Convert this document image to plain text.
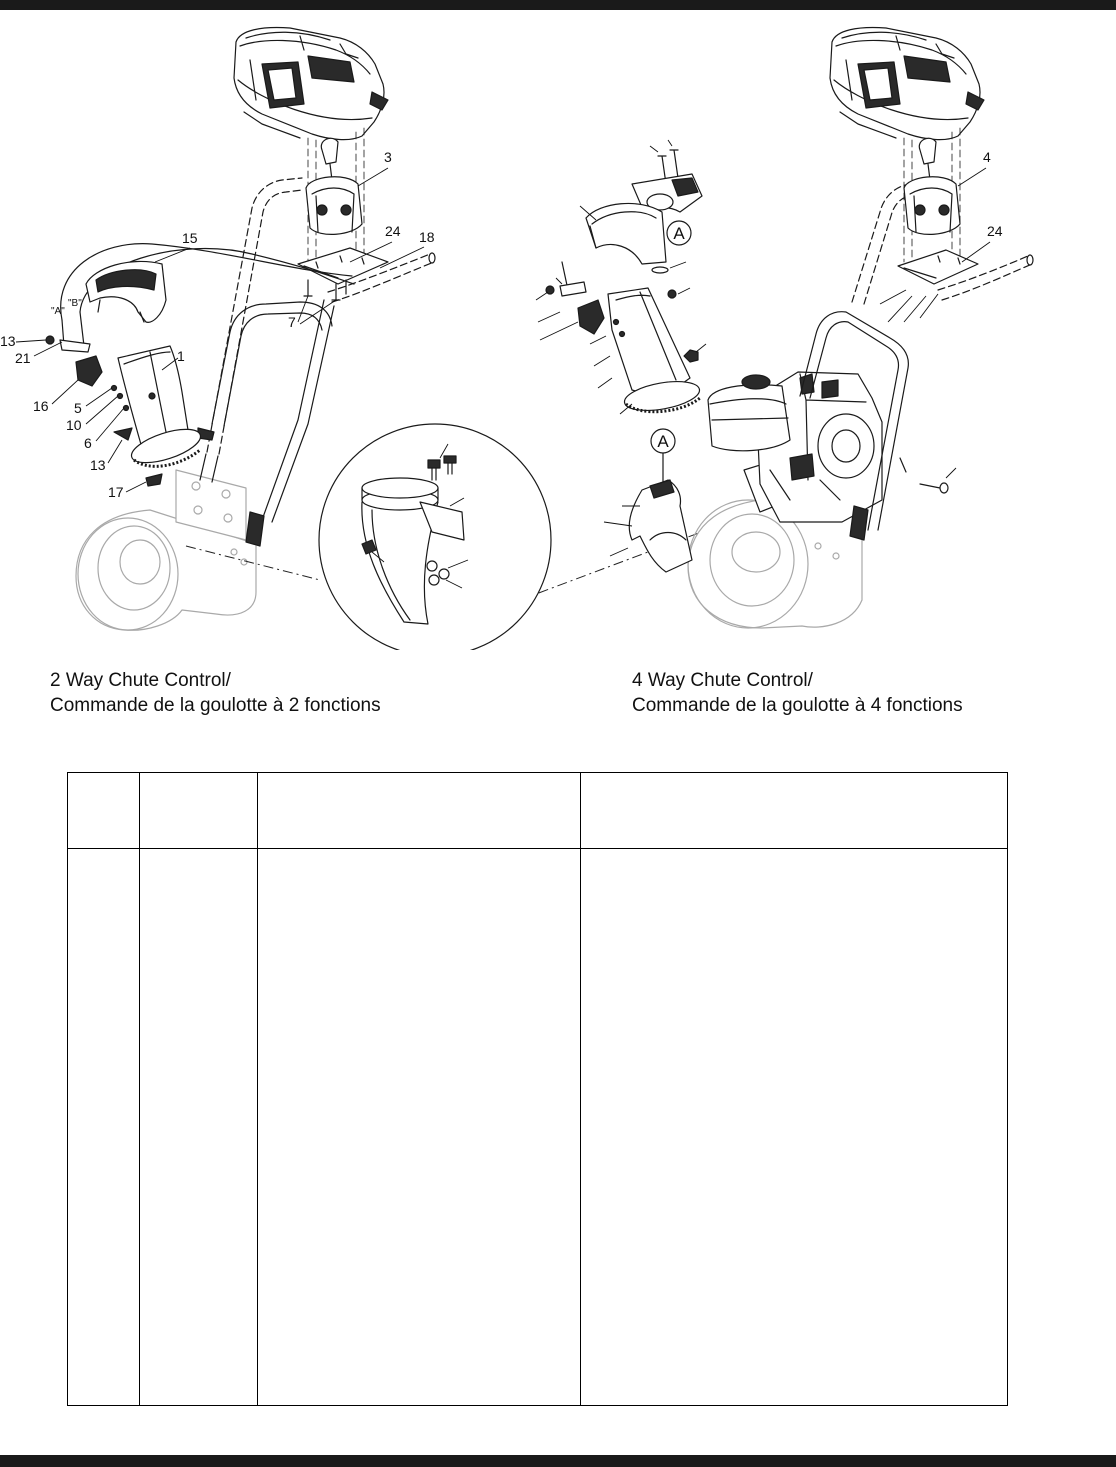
3
15	24 18
7
"A"
"B"
13
21	1
16 5
10
6
13
17
A
A
4
24
2 Way Chute Control/
Commande de la goulotte à 2 fonctions
4 Way Chute Control/
Commande de la goulotte à 4 fonctions
